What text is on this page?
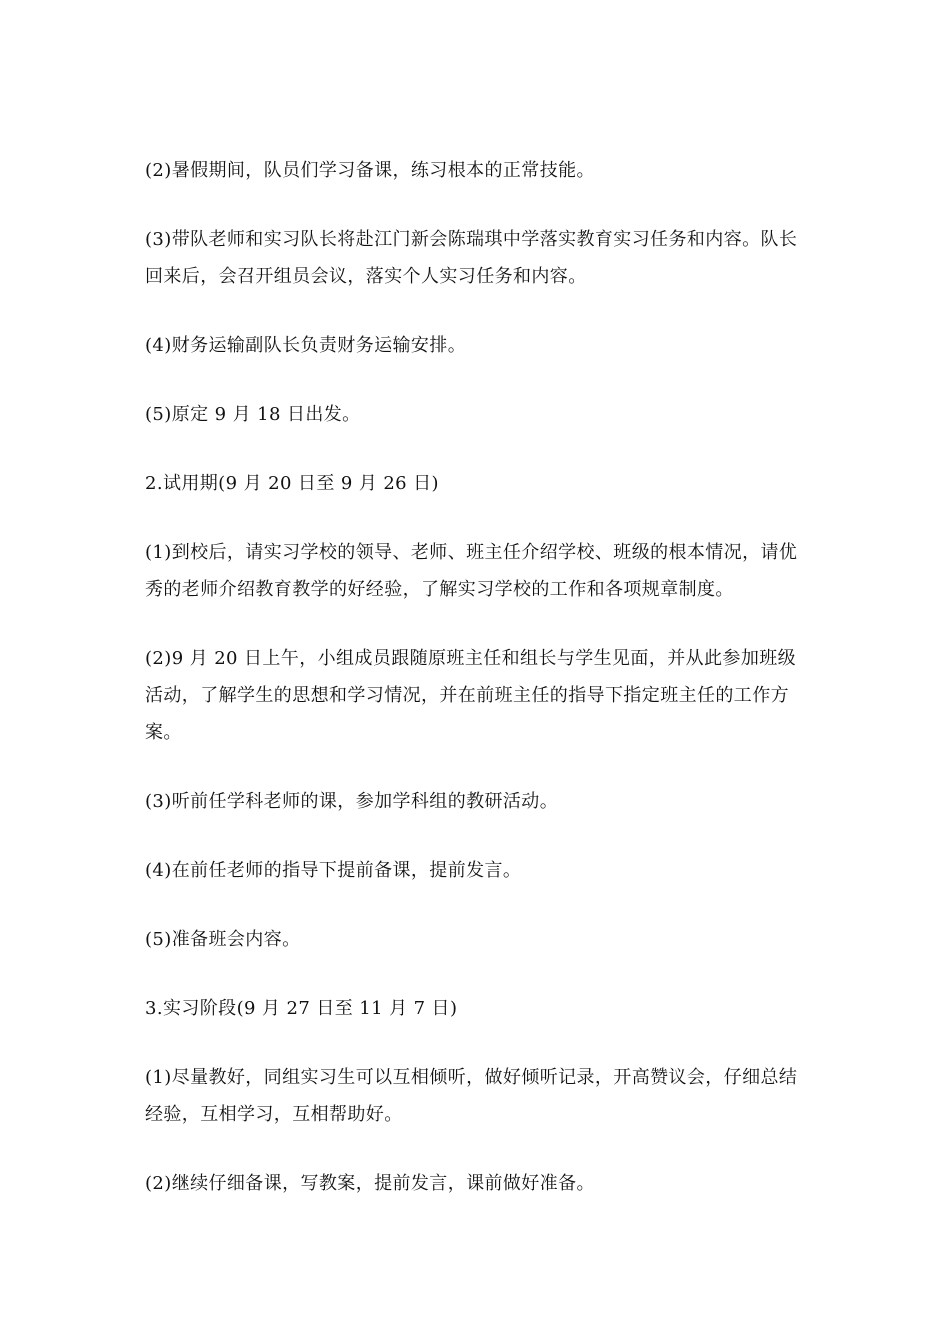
(2)暑假期间，队员们学习备课，练习根本的正常技能。

(3)带队老师和实习队长将赴江门新会陈瑞琪中学落实教育实习任务和内容。队长回来后，会召开组员会议，落实个人实习任务和内容。

(4)财务运输副队长负责财务运输安排。

(5)原定 9 月 18 日出发。

2.试用期(9 月 20 日至 9 月 26 日)

(1)到校后，请实习学校的领导、老师、班主任介绍学校、班级的根本情况，请优秀的老师介绍教育教学的好经验，了解实习学校的工作和各项规章制度。

(2)9 月 20 日上午，小组成员跟随原班主任和组长与学生见面，并从此参加班级活动，了解学生的思想和学习情况，并在前班主任的指导下指定班主任的工作方案。

(3)听前任学科老师的课，参加学科组的教研活动。

(4)在前任老师的指导下提前备课，提前发言。

(5)准备班会内容。

3.实习阶段(9 月 27 日至 11 月 7 日)

(1)尽量教好，同组实习生可以互相倾听，做好倾听记录，开高赞议会，仔细总结经验，互相学习，互相帮助好。

(2)继续仔细备课，写教案，提前发言，课前做好准备。
